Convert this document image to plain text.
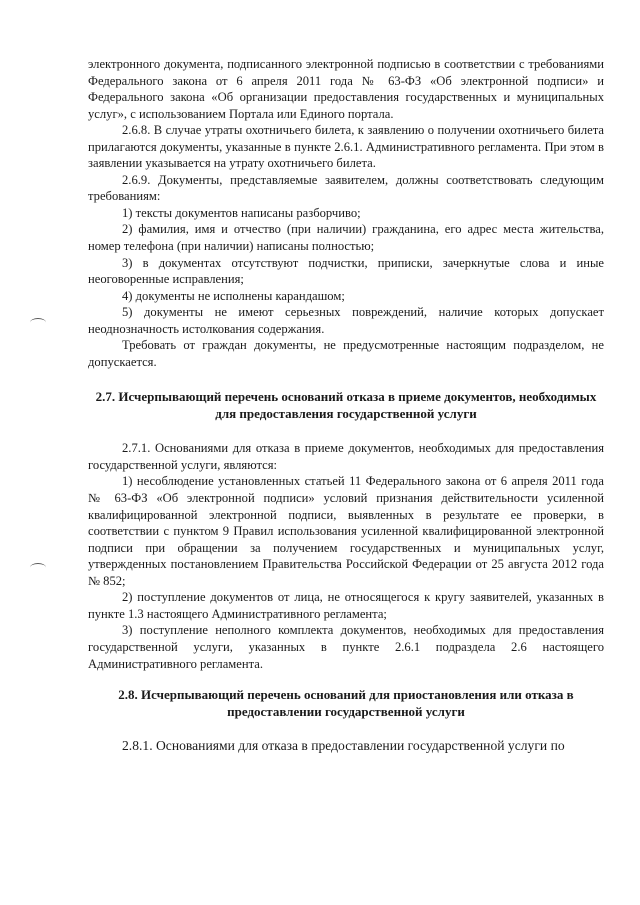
электронного документа, подписанного электронной подписью в соответствии с требованиями Федерального закона от 6 апреля 2011 года № 63-ФЗ «Об электронной подписи» и Федерального закона «Об организации предоставления государственных и муниципальных услуг», с использованием Портала или Единого портала.

2.6.8. В случае утраты охотничьего билета, к заявлению о получении охотничьего билета прилагаются документы, указанные в пункте 2.6.1. Административного регламента. При этом в заявлении указывается на утрату охотничьего билета.

2.6.9. Документы, представляемые заявителем, должны соответствовать следующим требованиям:

1) тексты документов написаны разборчиво;

2) фамилия, имя и отчество (при наличии) гражданина, его адрес места жительства, номер телефона (при наличии) написаны полностью;

3) в документах отсутствуют подчистки, приписки, зачеркнутые слова и иные неоговоренные исправления;

4) документы не исполнены карандашом;

5) документы не имеют серьезных повреждений, наличие которых допускает неоднозначность истолкования содержания.

Требовать от граждан документы, не предусмотренные настоящим подразделом, не допускается.

2.7. Исчерпывающий перечень оснований отказа в приеме документов, необходимых для предоставления государственной услуги

2.7.1. Основаниями для отказа в приеме документов, необходимых для предоставления государственной услуги, являются:

1) несоблюдение установленных статьей 11 Федерального закона от 6 апреля 2011 года № 63-ФЗ «Об электронной подписи» условий признания действительности усиленной квалифицированной электронной подписи, выявленных в результате ее проверки, в соответствии с пунктом 9 Правил использования усиленной квалифицированной электронной подписи при обращении за получением государственных и муниципальных услуг, утвержденных постановлением Правительства Российской Федерации от 25 августа 2012 года № 852;

2) поступление документов от лица, не относящегося к кругу заявителей, указанных в пункте 1.3 настоящего Административного регламента;

3) поступление неполного комплекта документов, необходимых для предоставления государственной услуги, указанных в пункте 2.6.1 подраздела 2.6 настоящего Административного регламента.

2.8. Исчерпывающий перечень оснований для приостановления или отказа в предоставлении государственной услуги

2.8.1. Основаниями для отказа в предоставлении государственной услуги по
